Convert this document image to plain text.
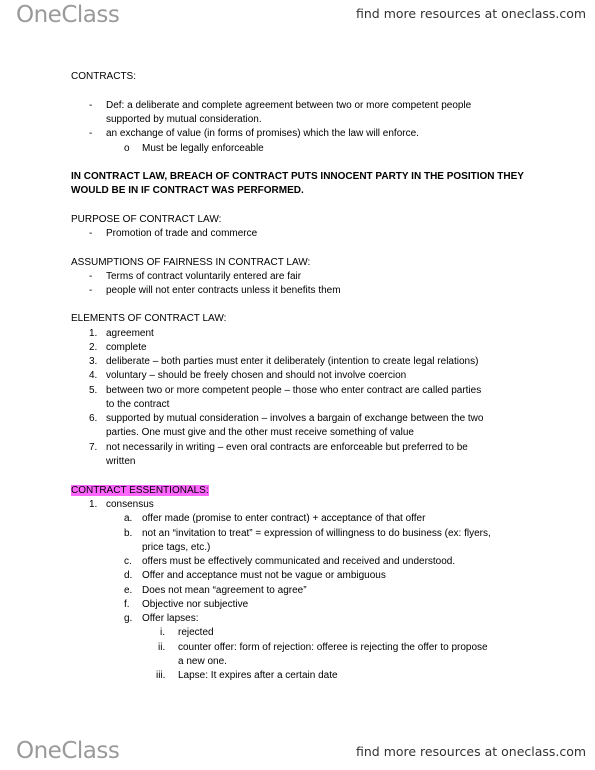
OneClass	find more resources at oneclass.com
CONTRACTS:
- Def: a deliberate and complete agreement between two or more competent people
supported by mutual consideration.
- an exchange of value (in forms of promises) which the law will enforce.
o Must be legally enforceable
IN CONTRACT LAW, BREACH OF CONTRACT PUTS INNOCENT PARTY IN THE POSITION THEY
WOULD BE IN IF CONTRACT WAS PERFORMED.
PURPOSE OF CONTRACT LAW:
- Promotion of trade and commerce
ASSUMPTIONS OF FAIRNESS IN CONTRACT LAW:
- Terms of contract voluntarily entered are fair
- people will not enter contracts unless it benefits them
ELEMENTS OF CONTRACT LAW:
1. agreement
2. complete
3. deliberate – both parties must enter it deliberately (intention to create legal relations)
4. voluntary – should be freely chosen and should not involve coercion
5. between two or more competent people – those who enter contract are called parties
to the contract
6. supported by mutual consideration – involves a bargain of exchange between the two
parties. One must give and the other must receive something of value
7. not necessarily in writing – even oral contracts are enforceable but preferred to be
written
CONTRACT ESSENTIONALS:
1. consensus
a. offer made (promise to enter contract) + acceptance of that offer
b. not an “invitation to treat” = expression of willingness to do business (ex: flyers,
price tags, etc.)
c. offers must be effectively communicated and received and understood.
d. Offer and acceptance must not be vague or ambiguous
e. Does not mean “agreement to agree”
f. Objective nor subjective
g. Offer lapses:
i. rejected
ii. counter offer: form of rejection: offeree is rejecting the offer to propose
a new one.
iii. Lapse: It expires after a certain date
OneClass	find more resources at oneclass.com
